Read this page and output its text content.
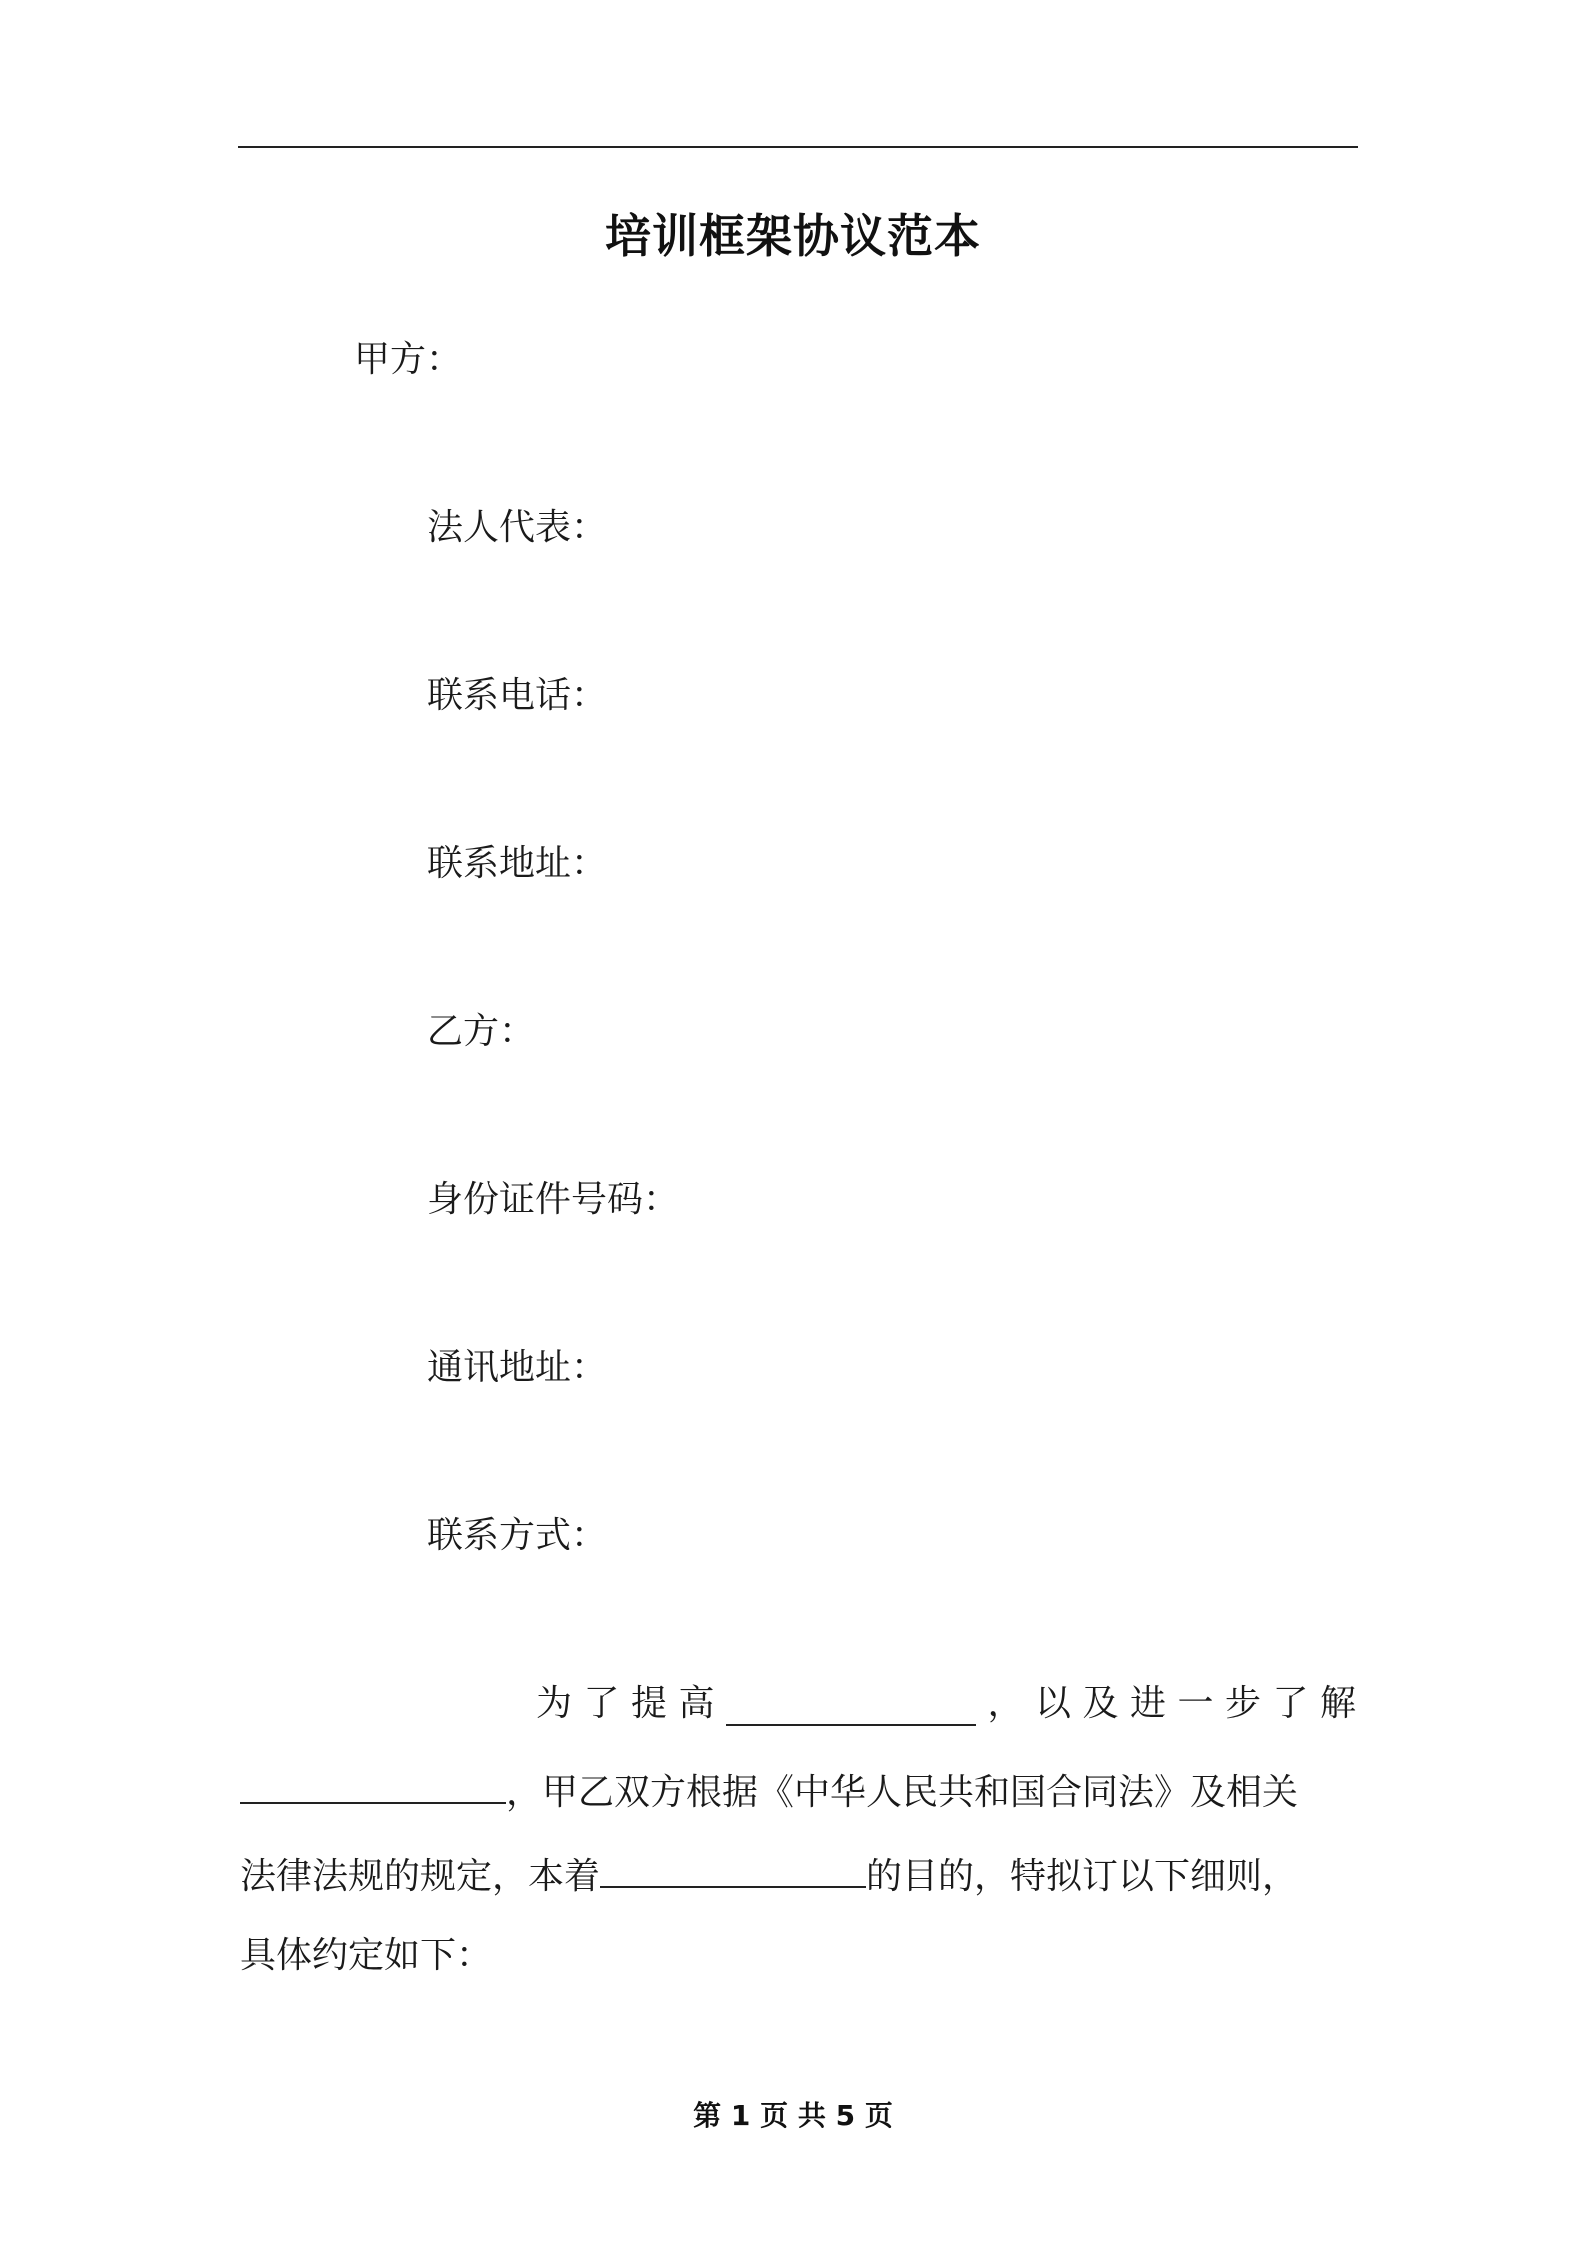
培训框架协议范本
甲方：
法人代表：
联系电话：
联系地址：
乙方：
身份证件号码：
通讯地址：
联系方式：
为 了 提 高	， 以 及 进 一 步 了 解
，甲乙双方根据《中华人民共和国合同法》及相关
法律法规的规定，本着	的目的，特拟订以下细则，
具体约定如下：
第 1 页 共 5 页
